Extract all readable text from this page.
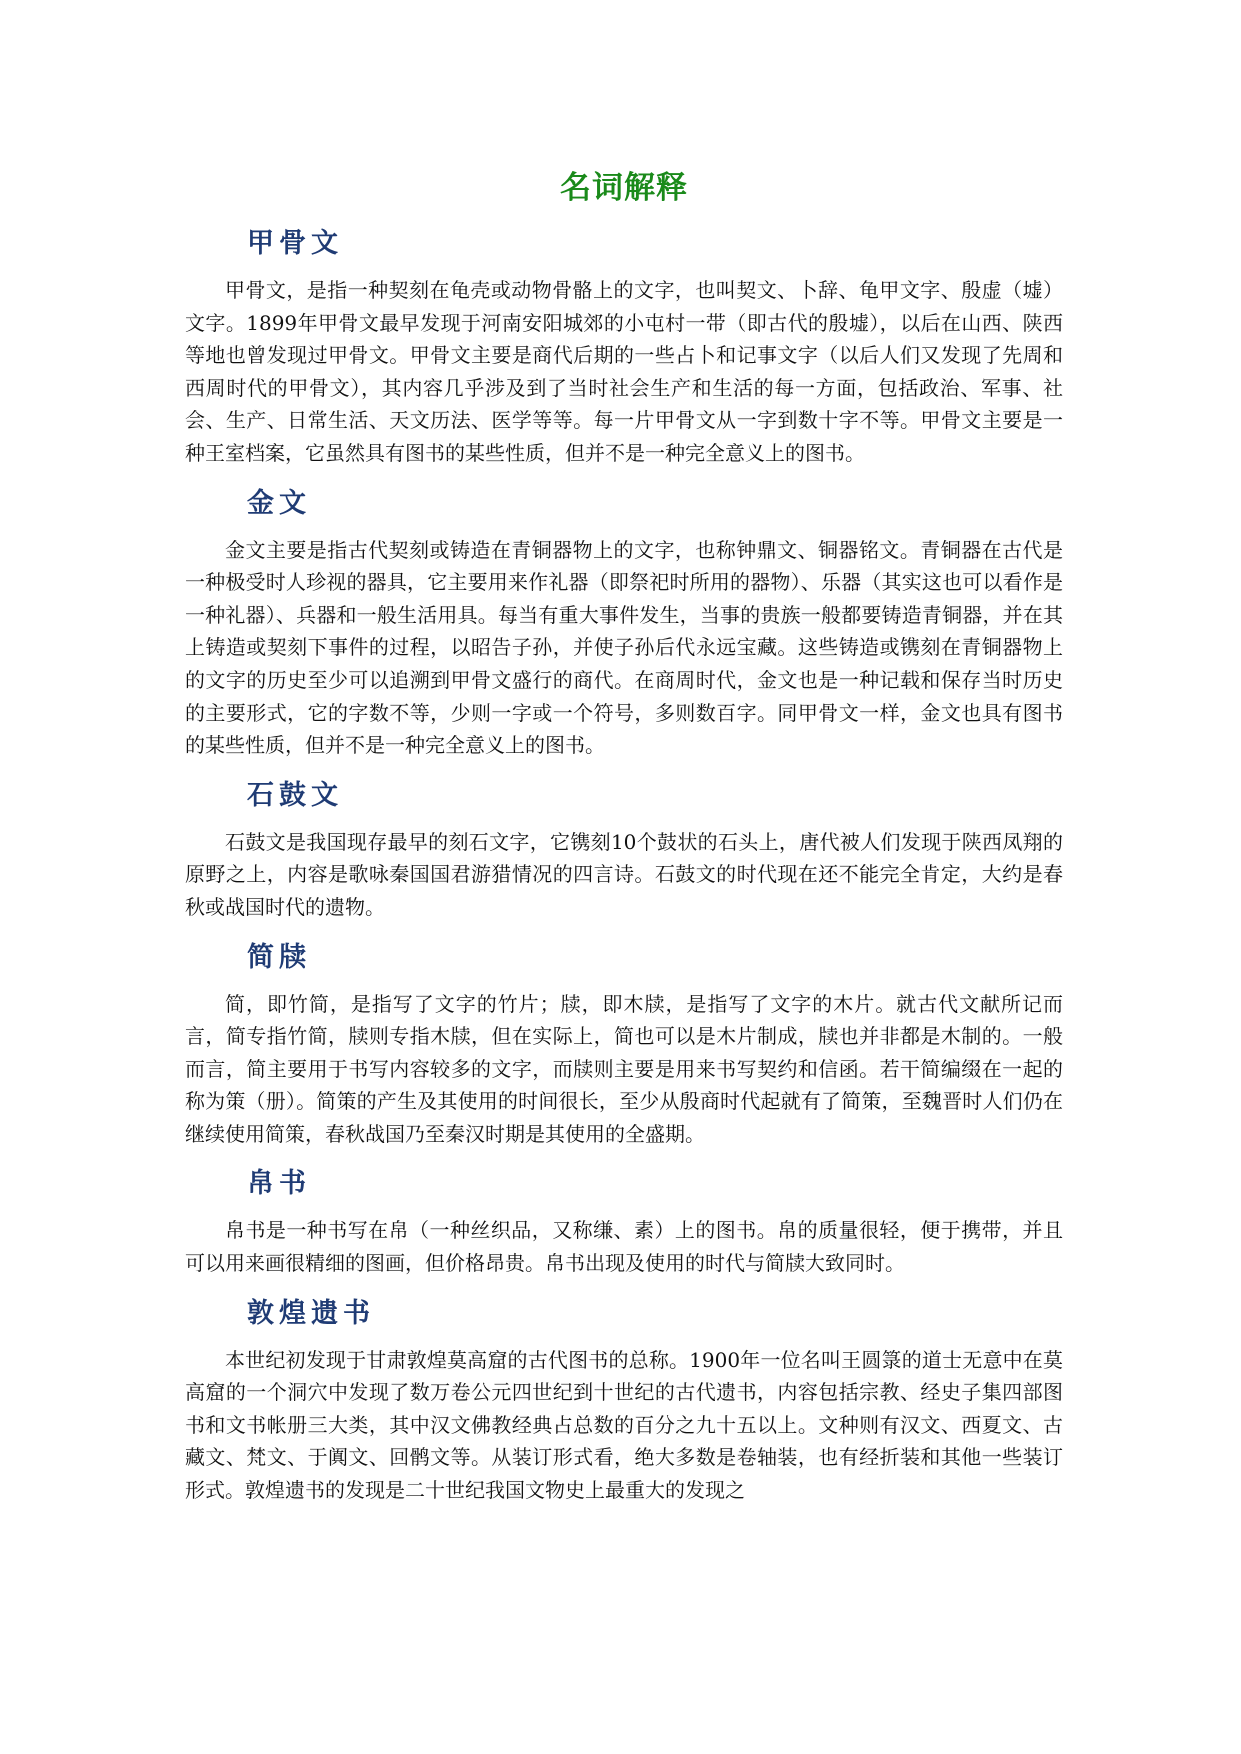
名词解释
甲骨文

甲骨文，是指一种契刻在龟壳或动物骨骼上的文字，也叫契文、卜辞、龟甲文字、殷虚（墟）文字。1899年甲骨文最早发现于河南安阳城郊的小屯村一带（即古代的殷墟），以后在山西、陕西等地也曾发现过甲骨文。甲骨文主要是商代后期的一些占卜和记事文字（以后人们又发现了先周和西周时代的甲骨文），其内容几乎涉及到了当时社会生产和生活的每一方面，包括政治、军事、社会、生产、日常生活、天文历法、医学等等。每一片甲骨文从一字到数十字不等。甲骨文主要是一种王室档案，它虽然具有图书的某些性质，但并不是一种完全意义上的图书。

金文

金文主要是指古代契刻或铸造在青铜器物上的文字，也称钟鼎文、铜器铭文。青铜器在古代是一种极受时人珍视的器具，它主要用来作礼器（即祭祀时所用的器物）、乐器（其实这也可以看作是一种礼器）、兵器和一般生活用具。每当有重大事件发生，当事的贵族一般都要铸造青铜器，并在其上铸造或契刻下事件的过程，以昭告子孙，并使子孙后代永远宝藏。这些铸造或镌刻在青铜器物上的文字的历史至少可以追溯到甲骨文盛行的商代。在商周时代，金文也是一种记载和保存当时历史的主要形式，它的字数不等，少则一字或一个符号，多则数百字。同甲骨文一样，金文也具有图书的某些性质，但并不是一种完全意义上的图书。

石鼓文

石鼓文是我国现存最早的刻石文字，它镌刻10个鼓状的石头上，唐代被人们发现于陕西凤翔的原野之上，内容是歌咏秦国国君游猎情况的四言诗。石鼓文的时代现在还不能完全肯定，大约是春秋或战国时代的遗物。

简牍

简，即竹简，是指写了文字的竹片；牍，即木牍，是指写了文字的木片。就古代文献所记而言，简专指竹简，牍则专指木牍，但在实际上，简也可以是木片制成，牍也并非都是木制的。一般而言，简主要用于书写内容较多的文字，而牍则主要是用来书写契约和信函。若干简编缀在一起的称为策（册）。简策的产生及其使用的时间很长，至少从殷商时代起就有了简策，至魏晋时人们仍在继续使用简策，春秋战国乃至秦汉时期是其使用的全盛期。

帛书

帛书是一种书写在帛（一种丝织品，又称缣、素）上的图书。帛的质量很轻，便于携带，并且可以用来画很精细的图画，但价格昂贵。帛书出现及使用的时代与简牍大致同时。

敦煌遗书

本世纪初发现于甘肃敦煌莫高窟的古代图书的总称。1900年一位名叫王圆箓的道士无意中在莫高窟的一个洞穴中发现了数万卷公元四世纪到十世纪的古代遗书，内容包括宗教、经史子集四部图书和文书帐册三大类，其中汉文佛教经典占总数的百分之九十五以上。文种则有汉文、西夏文、古藏文、梵文、于阗文、回鹘文等。从装订形式看，绝大多数是卷轴装，也有经折装和其他一些装订形式。敦煌遗书的发现是二十世纪我国文物史上最重大的发现之
